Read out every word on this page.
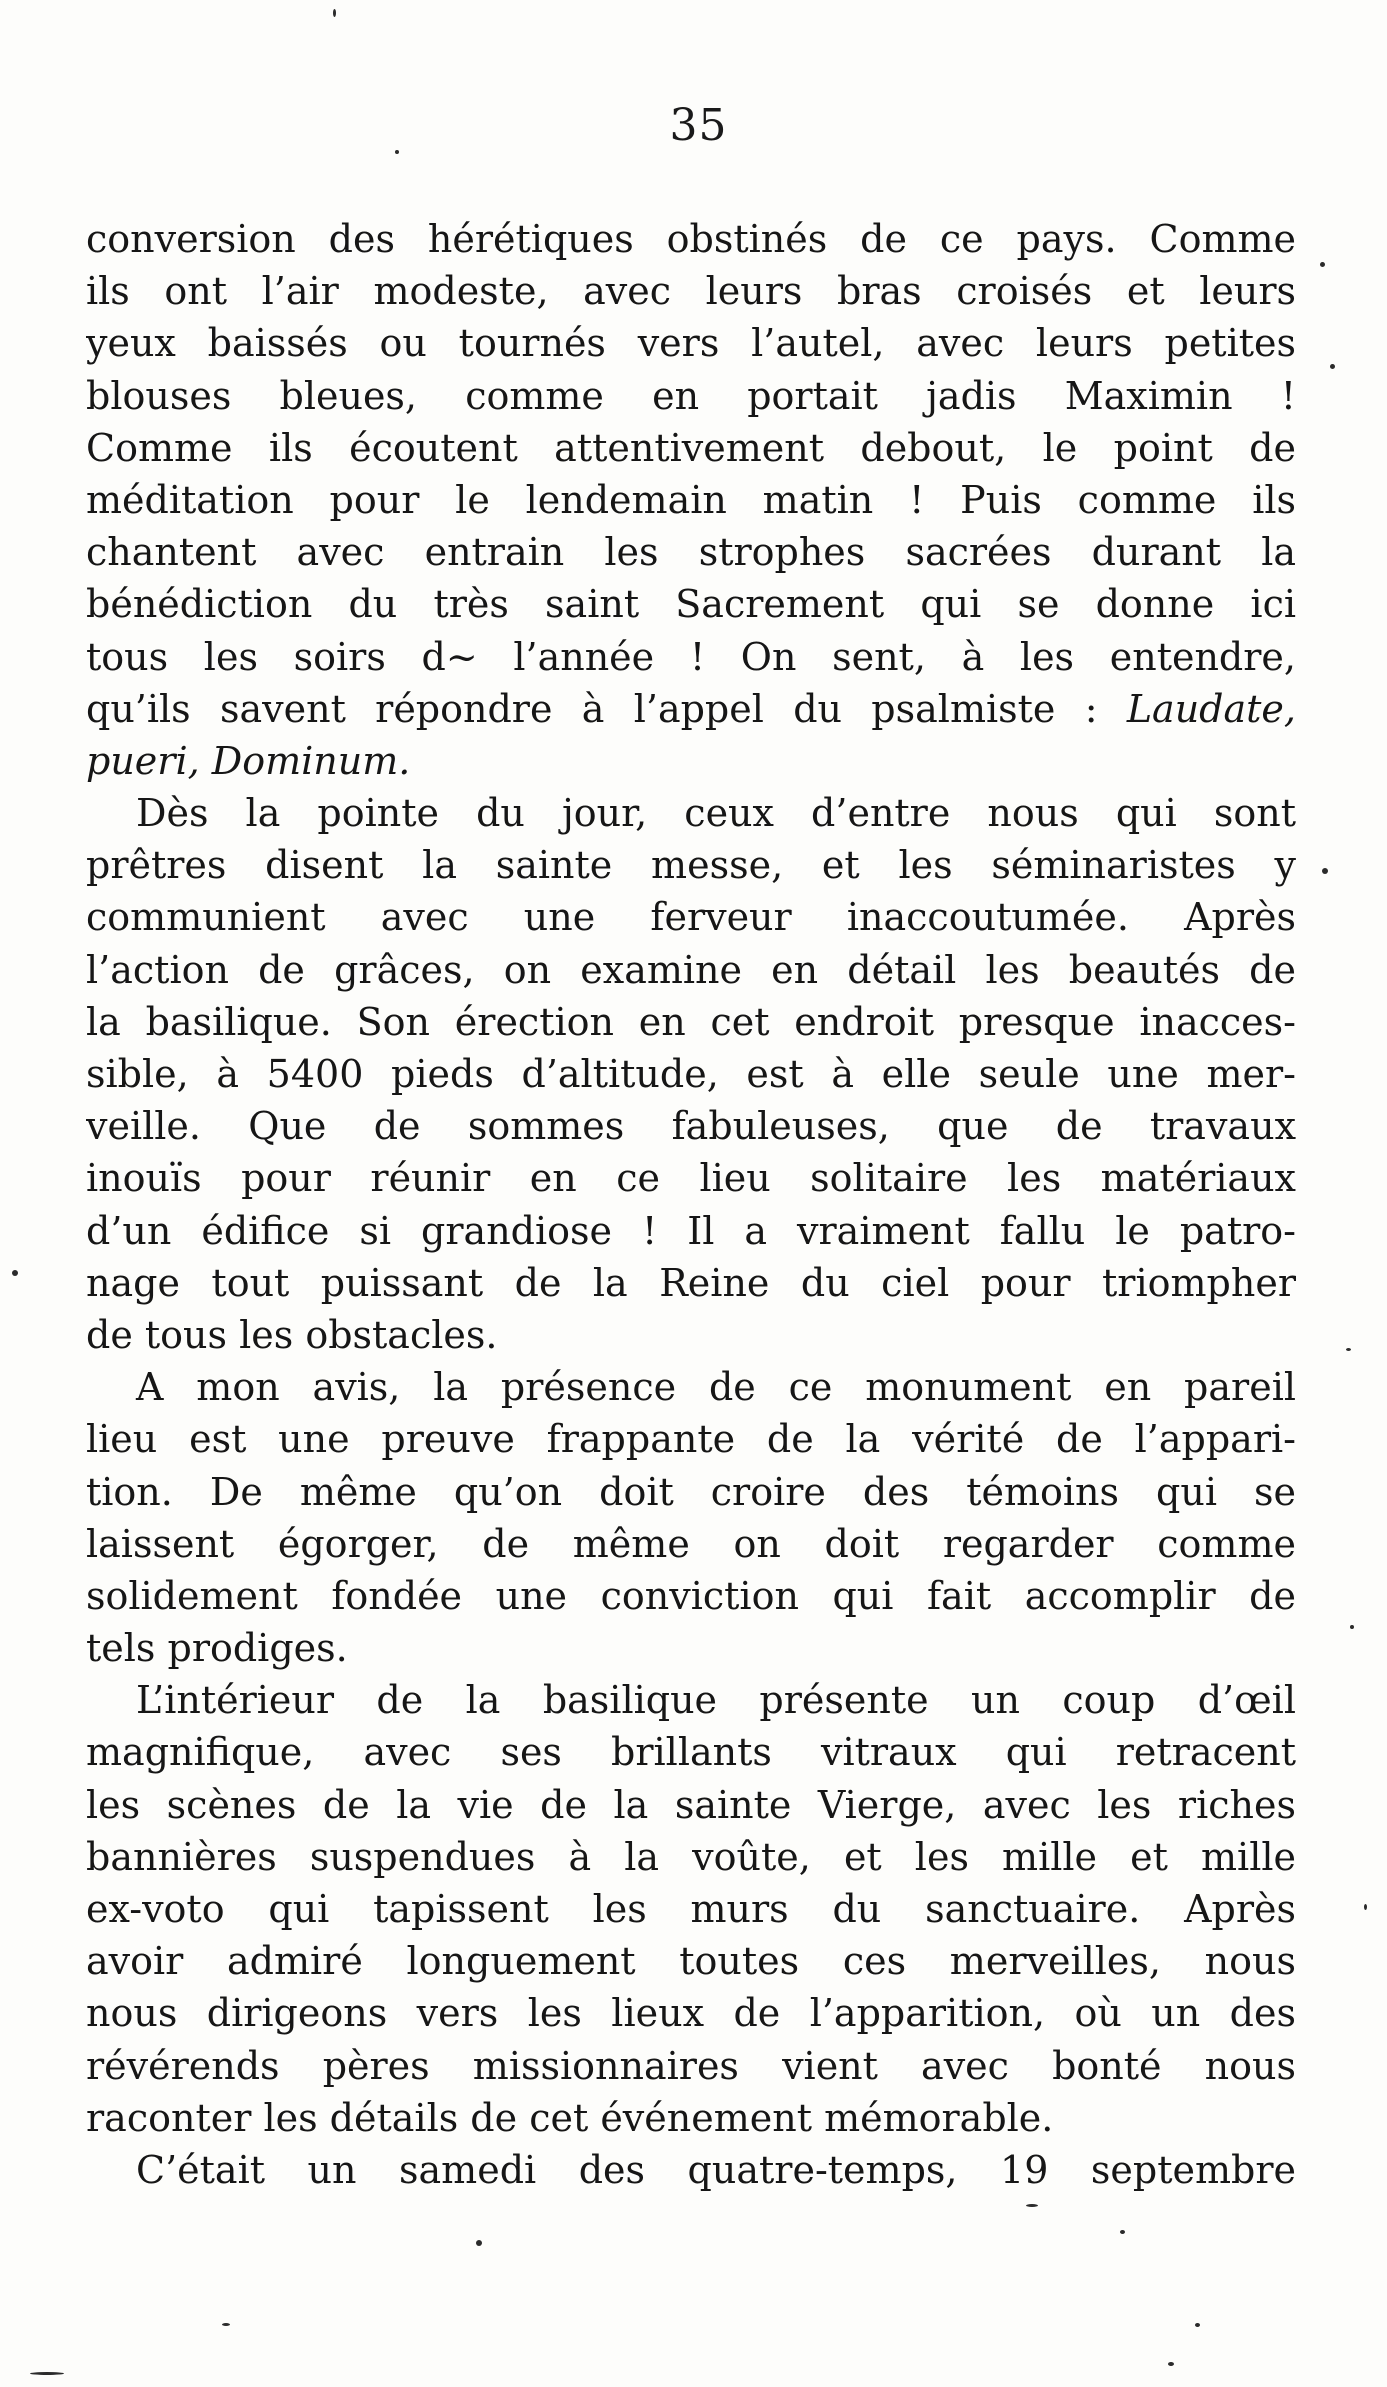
35
conversion des hérétiques obstinés de ce pays. Comme
ils ont l’air modeste, avec leurs bras croisés et leurs
yeux baissés ou tournés vers l’autel, avec leurs petites
blouses bleues, comme en portait jadis Maximin !
Comme ils écoutent attentivement debout, le point de
méditation pour le lendemain matin ! Puis comme ils
chantent avec entrain les strophes sacrées durant la
bénédiction du très saint Sacrement qui se donne ici
tous les soirs d~ l’année ! On sent, à les entendre,
qu’ils savent répondre à l’appel du psalmiste : Laudate,
pueri, Dominum.
Dès la pointe du jour, ceux d’entre nous qui sont
prêtres disent la sainte messe, et les séminaristes y
communient avec une ferveur inaccoutumée. Après
l’action de grâces, on examine en détail les beautés de
la basilique. Son érection en cet endroit presque inacces-
sible, à 5400 pieds d’altitude, est à elle seule une mer-
veille. Que de sommes fabuleuses, que de travaux
inouïs pour réunir en ce lieu solitaire les matériaux
d’un édifice si grandiose ! Il a vraiment fallu le patro-
nage tout puissant de la Reine du ciel pour triompher
de tous les obstacles.
A mon avis, la présence de ce monument en pareil
lieu est une preuve frappante de la vérité de l’appari-
tion. De même qu’on doit croire des témoins qui se
laissent égorger, de même on doit regarder comme
solidement fondée une conviction qui fait accomplir de
tels prodiges.
L’intérieur de la basilique présente un coup d’œil
magnifique, avec ses brillants vitraux qui retracent
les scènes de la vie de la sainte Vierge, avec les riches
bannières suspendues à la voûte, et les mille et mille
ex-voto qui tapissent les murs du sanctuaire. Après
avoir admiré longuement toutes ces merveilles, nous
nous dirigeons vers les lieux de l’apparition, où un des
révérends pères missionnaires vient avec bonté nous
raconter les détails de cet événement mémorable.
C’était un samedi des quatre-temps, 19 septembre
